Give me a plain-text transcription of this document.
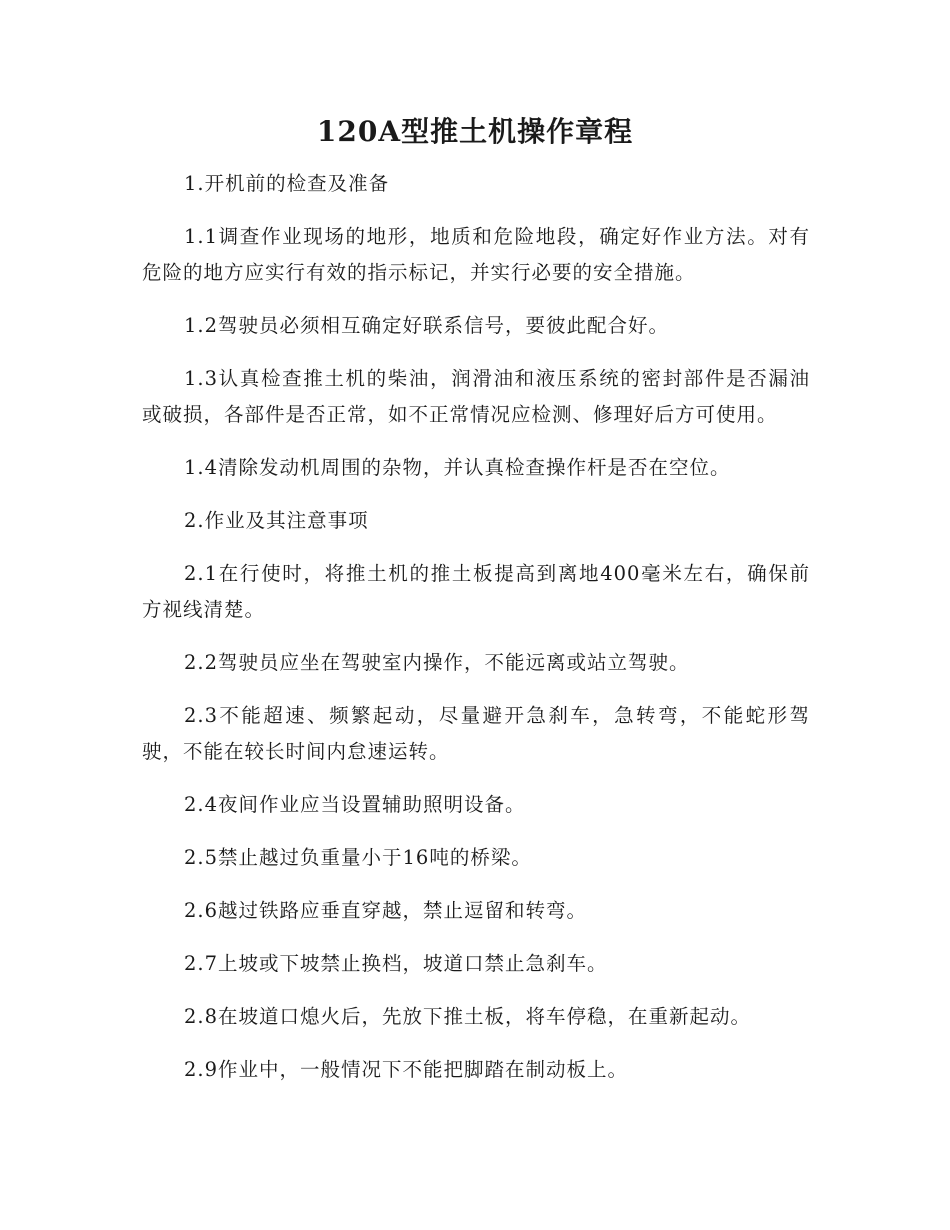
120A型推土机操作章程

1.开机前的检查及准备

1.1调查作业现场的地形，地质和危险地段，确定好作业方法。对有危险的地方应实行有效的指示标记，并实行必要的安全措施。

1.2驾驶员必须相互确定好联系信号，要彼此配合好。

1.3认真检查推土机的柴油，润滑油和液压系统的密封部件是否漏油或破损，各部件是否正常，如不正常情况应检测、修理好后方可使用。

1.4清除发动机周围的杂物，并认真检查操作杆是否在空位。

2.作业及其注意事项

2.1在行使时，将推土机的推土板提高到离地400毫米左右，确保前方视线清楚。

2.2驾驶员应坐在驾驶室内操作，不能远离或站立驾驶。

2.3不能超速、频繁起动，尽量避开急刹车，急转弯，不能蛇形驾驶，不能在较长时间内怠速运转。

2.4夜间作业应当设置辅助照明设备。

2.5禁止越过负重量小于16吨的桥梁。

2.6越过铁路应垂直穿越，禁止逗留和转弯。

2.7上坡或下坡禁止换档，坡道口禁止急刹车。

2.8在坡道口熄火后，先放下推土板，将车停稳，在重新起动。

2.9作业中，一般情况下不能把脚踏在制动板上。
